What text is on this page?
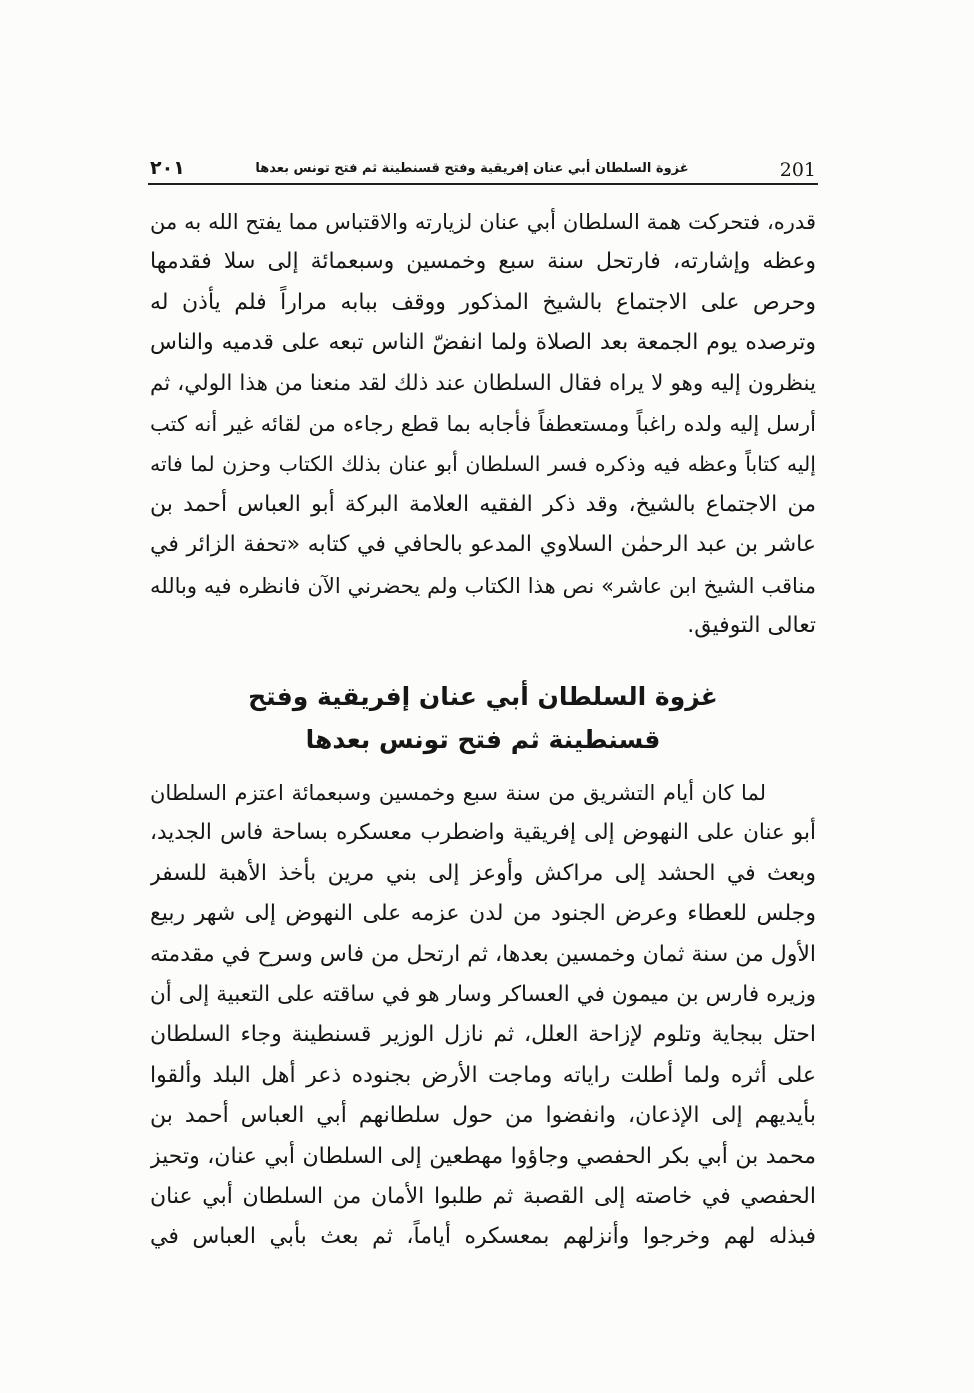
٢٠١	غزوة السلطان أبي عنان إفريقية وفتح قسنطينة ثم فتح تونس بعدها	201
قدره، فتحركت همة السلطان أبي عنان لزيارته والاقتباس مما يفتح الله به من
وعظه وإشارته، فارتحل سنة سبع وخمسين وسبعمائة إلى سلا فقدمها
وحرص على الاجتماع بالشيخ المذكور ووقف ببابه مراراً فلم يأذن له
وترصده يوم الجمعة بعد الصلاة ولما انفضّ الناس تبعه على قدميه والناس
ينظرون إليه وهو لا يراه فقال السلطان عند ذلك لقد منعنا من هذا الولي، ثم
أرسل إليه ولده راغباً ومستعطفاً فأجابه بما قطع رجاءه من لقائه غير أنه كتب
إليه كتاباً وعظه فيه وذكره فسر السلطان أبو عنان بذلك الكتاب وحزن لما فاته
من الاجتماع بالشيخ، وقد ذكر الفقيه العلامة البركة أبو العباس أحمد بن
عاشر بن عبد الرحمٰن السلاوي المدعو بالحافي في كتابه «تحفة الزائر في
مناقب الشيخ ابن عاشر» نص هذا الكتاب ولم يحضرني الآن فانظره فيه وبالله
تعالى التوفيق.
غزوة السلطان أبي عنان إفريقية وفتح
قسنطينة ثم فتح تونس بعدها
لما كان أيام التشريق من سنة سبع وخمسين وسبعمائة اعتزم السلطان
أبو عنان على النهوض إلى إفريقية واضطرب معسكره بساحة فاس الجديد،
وبعث في الحشد إلى مراكش وأوعز إلى بني مرين بأخذ الأهبة للسفر
وجلس للعطاء وعرض الجنود من لدن عزمه على النهوض إلى شهر ربيع
الأول من سنة ثمان وخمسين بعدها، ثم ارتحل من فاس وسرح في مقدمته
وزيره فارس بن ميمون في العساكر وسار هو في ساقته على التعبية إلى أن
احتل ببجاية وتلوم لإزاحة العلل، ثم نازل الوزير قسنطينة وجاء السلطان
على أثره ولما أطلت راياته وماجت الأرض بجنوده ذعر أهل البلد وألقوا
بأيديهم إلى الإذعان، وانفضوا من حول سلطانهم أبي العباس أحمد بن
محمد بن أبي بكر الحفصي وجاؤوا مهطعين إلى السلطان أبي عنان، وتحيز
الحفصي في خاصته إلى القصبة ثم طلبوا الأمان من السلطان أبي عنان
فبذله لهم وخرجوا وأنزلهم بمعسكره أياماً، ثم بعث بأبي العباس في
